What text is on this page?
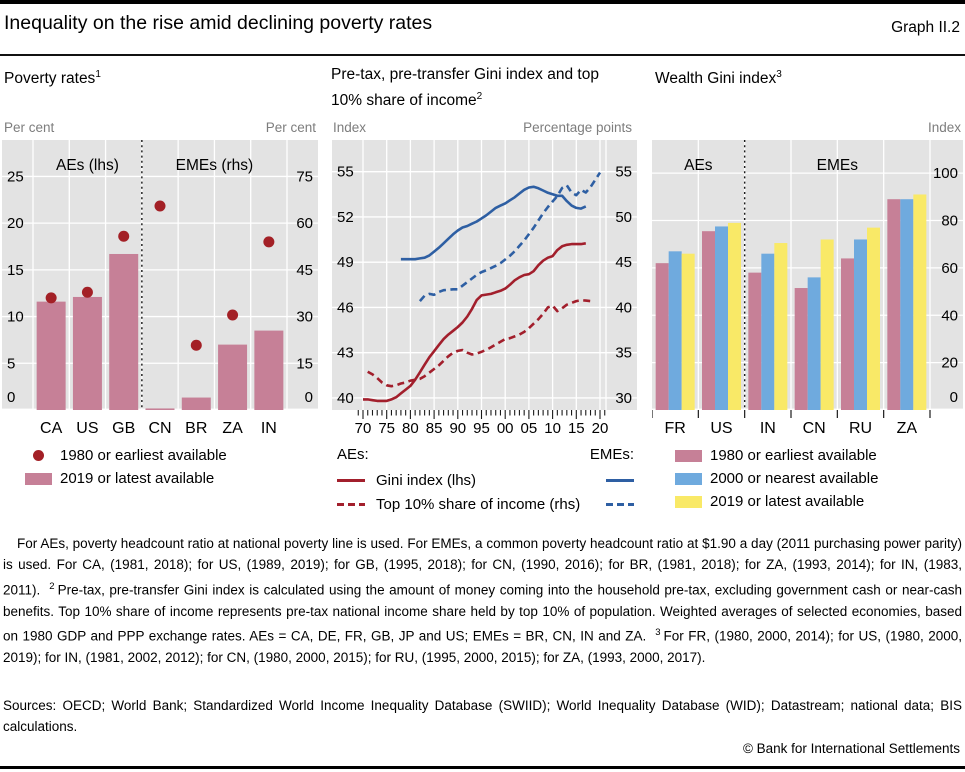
Inequality on the rise amid declining poverty rates	Graph II.2
Poverty rates$^1$	Pre-tax, pre-transfer Gini index and top 10% share of income$^2$
Wealth Gini index$^3$
Per cent	Per cent Index	Percentage points	Index
CA US GB CN BR ZA IN
0	0
5	15
10	30
15	45
20	60
25	75
AEs (lhs)	EMEs (rhs)
70 75 80 85 90 95 00 05 10 15 20
40	30
43	35
46	40
49	45
52	50
55	55
FR US IN CN RU ZA
0
20
40
60
80
100
AEs	EMEs
1980 or earliest available
2019 or latest available
AEs:	EMEs:
Gini index (lhs)
Top 10% share of income (rhs)
1980 or earliest available
2000 or nearest available
2019 or latest available
For AEs, poverty headcount ratio at national poverty line is used. For EMEs, a common poverty headcount ratio at $1.90 a day (2011 purchasing power parity) is used. For CA, (1981, 2018); for US, (1989, 2019); for GB, (1995, 2018); for CN, (1990, 2016); for BR, (1981, 2018); for ZA, (1993, 2014); for IN, (1983, 2011). $^2$ Pre-tax, pre-transfer Gini index is calculated using the amount of money coming into the household pre-tax, excluding government cash or near-cash benefits. Top 10% share of income represents pre-tax national income share held by top 10% of population. Weighted averages of selected economies, based on 1980 GDP and PPP exchange rates. AEs = CA, DE, FR, GB, JP and US; EMEs = BR, CN, IN and ZA. $^3$ For FR, (1980, 2000, 2014); for US, (1980, 2000, 2019); for IN, (1981, 2002, 2012); for CN, (1980, 2000, 2015); for RU, (1995, 2000, 2015); for ZA, (1993, 2000, 2017).
Sources: OECD; World Bank; Standardized World Income Inequality Database (SWIID); World Inequality Database (WID); Datastream; national data; BIS calculations.
© Bank for International Settlements
